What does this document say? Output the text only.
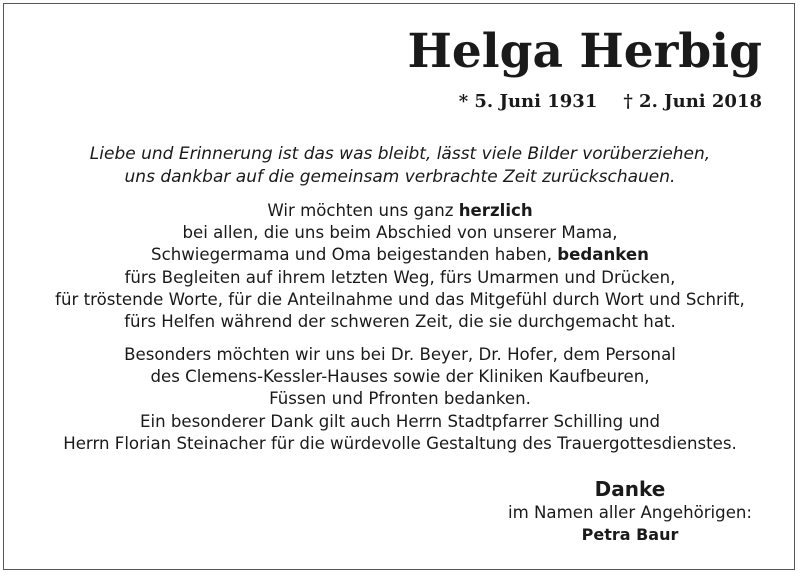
Helga Herbig
* 5. Juni 1931 † 2. Juni 2018
Liebe und Erinnerung ist das was bleibt, lässt viele Bilder vorüberziehen,
uns dankbar auf die gemeinsam verbrachte Zeit zurückschauen.
Wir möchten uns ganz herzlich
bei allen, die uns beim Abschied von unserer Mama,
Schwiegermama und Oma beigestanden haben, bedanken
fürs Begleiten auf ihrem letzten Weg, fürs Umarmen und Drücken,
für tröstende Worte, für die Anteilnahme und das Mitgefühl durch Wort und Schrift,
fürs Helfen während der schweren Zeit, die sie durchgemacht hat.
Besonders möchten wir uns bei Dr. Beyer, Dr. Hofer, dem Personal
des Clemens-Kessler-Hauses sowie der Kliniken Kaufbeuren,
Füssen und Pfronten bedanken.
Ein besonderer Dank gilt auch Herrn Stadtpfarrer Schilling und
Herrn Florian Steinacher für die würdevolle Gestaltung des Trauergottesdienstes.
Danke
im Namen aller Angehörigen:
Petra Baur
